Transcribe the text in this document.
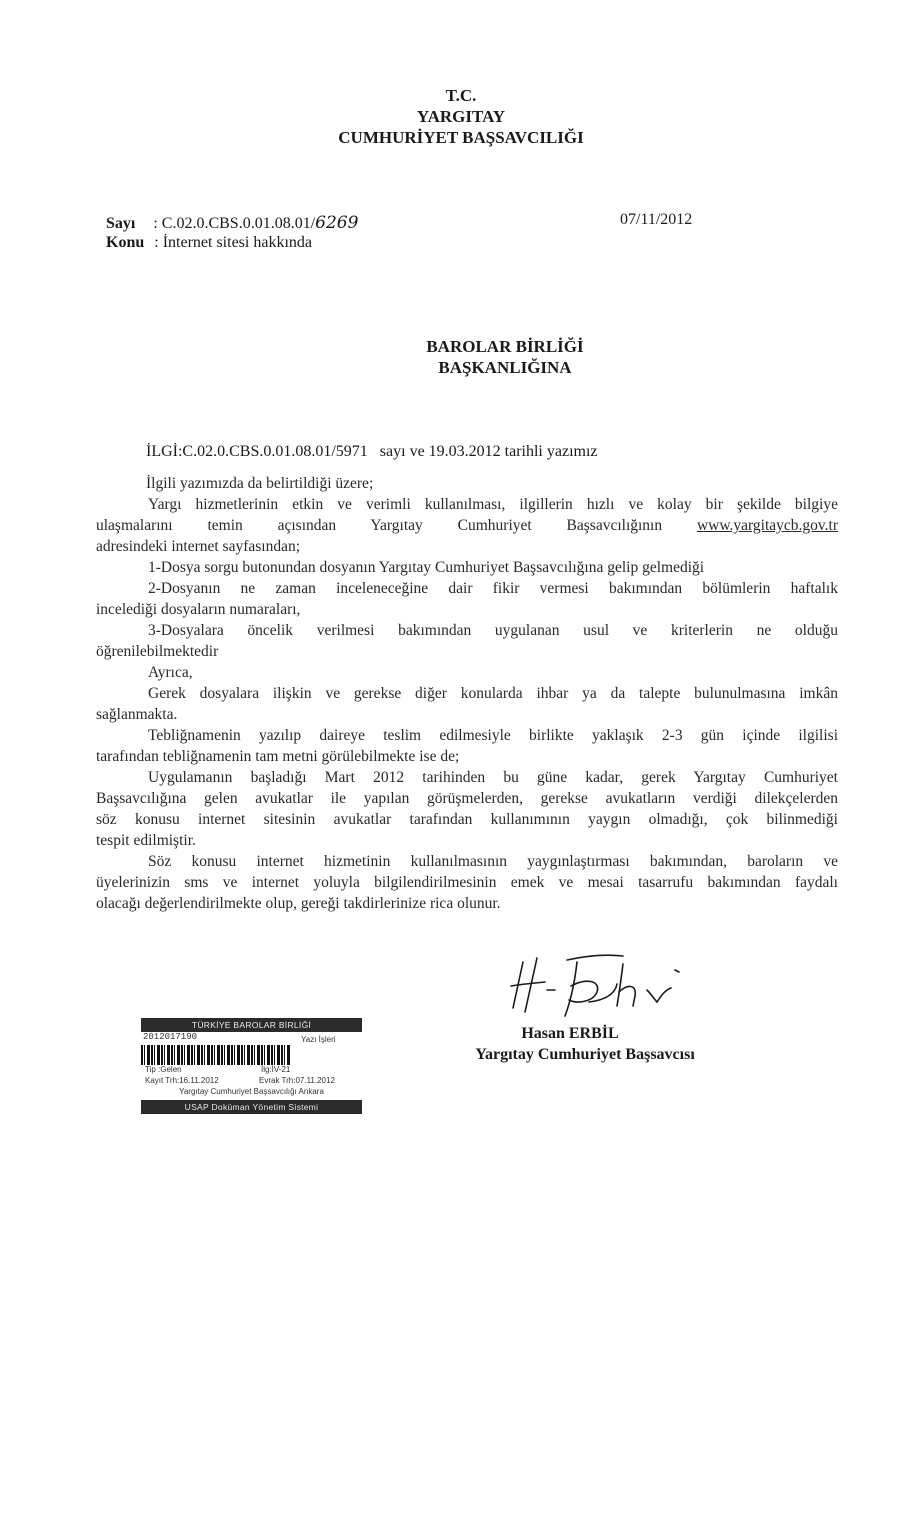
T.C.
YARGITAY
CUMHURİYET BAŞSAVCILIĞI
Sayı : C.02.0.CBS.0.01.08.01/6269	07/11/2012
Konu : İnternet sitesi hakkında
BAROLAR BİRLİĞİ
BAŞKANLIĞINA
İLGİ:C.02.0.CBS.0.01.08.01/5971   sayı ve 19.03.2012 tarihli yazımız

İlgili yazımızda da belirtildiği üzere;

Yargı hizmetlerinin etkin ve verimli kullanılması, ilgillerin hızlı ve kolay bir şekilde bilgiye

ulaşmalarını temin açısından Yargıtay Cumhuriyet Başsavcılığının www.yargitaycb.gov.tr

adresindeki internet sayfasından;

1-Dosya sorgu butonundan dosyanın Yargıtay Cumhuriyet Başsavcılığına gelip gelmediği

2-Dosyanın ne zaman inceleneceğine dair fikir vermesi bakımından bölümlerin haftalık

incelediği dosyaların numaraları,

3-Dosyalara öncelik verilmesi bakımından uygulanan usul ve kriterlerin ne olduğu

öğrenilebilmektedir

Ayrıca,

Gerek dosyalara ilişkin ve gerekse diğer konularda ihbar ya da talepte bulunulmasına imkân

sağlanmakta.

Tebliğnamenin yazılıp daireye teslim edilmesiyle birlikte yaklaşık 2-3 gün içinde ilgilisi

tarafından tebliğnamenin tam metni görülebilmekte ise de;

Uygulamanın başladığı Mart 2012 tarihinden bu güne kadar, gerek Yargıtay Cumhuriyet

Başsavcılığına gelen avukatlar ile yapılan görüşmelerden, gerekse avukatların verdiği dilekçelerden

söz konusu internet sitesinin avukatlar tarafından kullanımının yaygın olmadığı, çok bilinmediği

tespit edilmiştir.

Söz konusu internet hizmetinin kullanılmasının yaygınlaştırması bakımından, baroların ve

üyelerinizin sms ve internet yoluyla bilgilendirilmesinin emek ve mesai tasarrufu bakımından faydalı

olacağı değerlendirilmekte olup, gereği takdirlerinize rica olunur.

Hasan ERBİL
Yargıtay Cumhuriyet Başsavcısı
TÜRKİYE BAROLAR BİRLİĞİ
2012017190	Yazı İşleri
Tip :Gelen	İlg:İV-21
Kayıt Trh:16.11.2012	Evrak Trh:07.11.2012
Yargıtay Cumhuriyet Başsavcılığı Ankara
USAP Doküman Yönetim Sistemi
